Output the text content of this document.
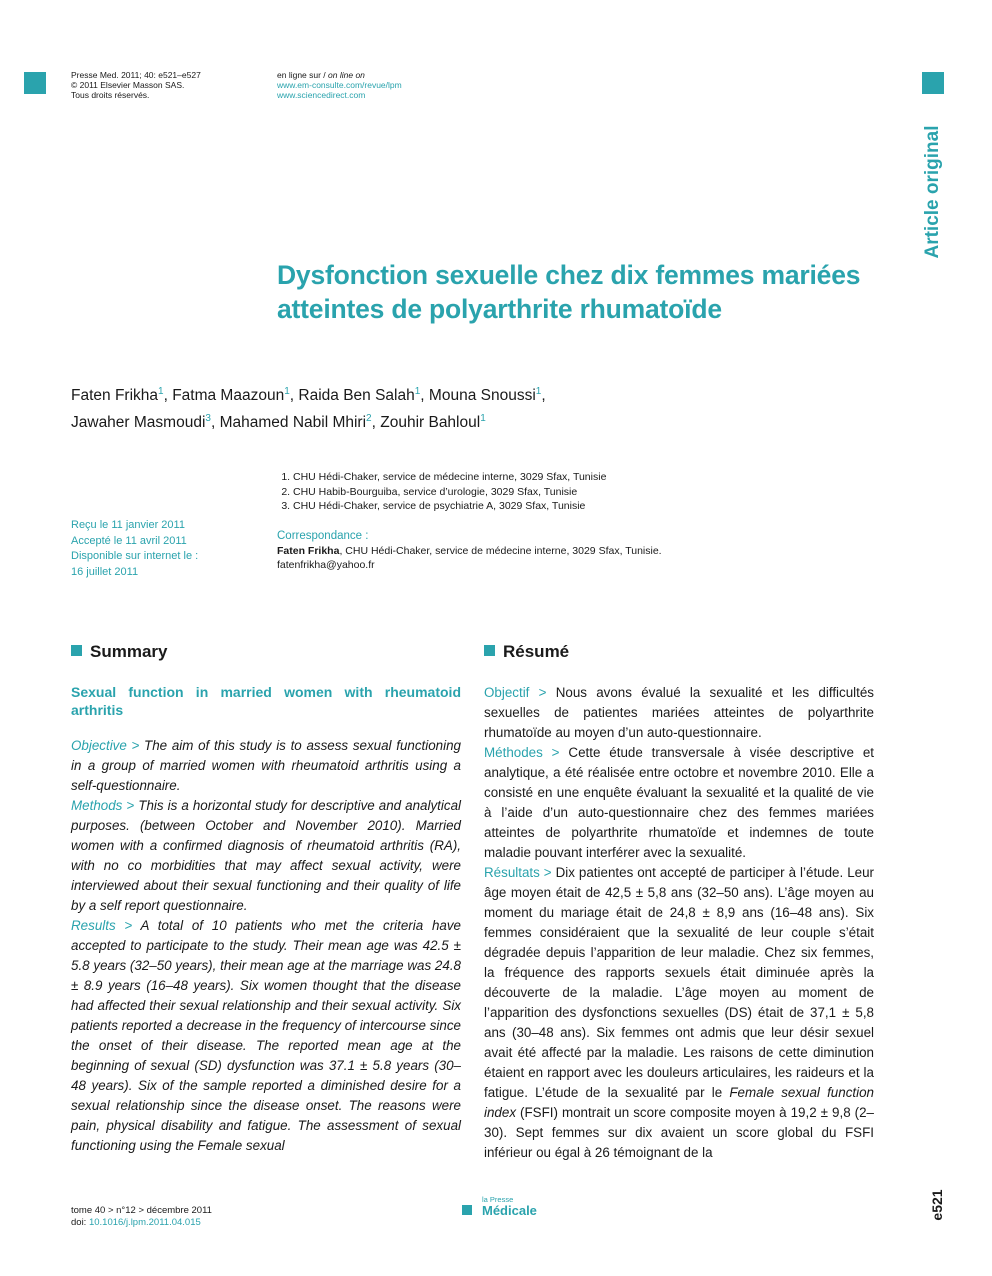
Presse Med. 2011; 40: e521–e527
© 2011 Elsevier Masson SAS.
Tous droits réservés.
en ligne sur / on line on
www.em-consulte.com/revue/lpm
www.sciencedirect.com
Article original
Dysfonction sexuelle chez dix femmes mariées atteintes de polyarthrite rhumatoïde
Faten Frikha$^1$, Fatma Maazoun$^1$, Raida Ben Salah$^1$, Mouna Snoussi$^1$,
Jawaher Masmoudi$^3$, Mahamed Nabil Mhiri$^2$, Zouhir Bahloul$^1$
1. CHU Hédi-Chaker, service de médecine interne, 3029 Sfax, Tunisie
2. CHU Habib-Bourguiba, service d’urologie, 3029 Sfax, Tunisie
3. CHU Hédi-Chaker, service de psychiatrie A, 3029 Sfax, Tunisie
Reçu le 11 janvier 2011
Accepté le 11 avril 2011
Disponible sur internet le :
16 juillet 2011
Correspondance :
Faten Frikha, CHU Hédi-Chaker, service de médecine interne, 3029 Sfax, Tunisie.
fatenfrikha@yahoo.fr
Summary
Sexual function in married women with rheumatoid arthritis

Objective > The aim of this study is to assess sexual functioning in a group of married women with rheumatoid arthritis using a self-questionnaire.

Methods > This is a horizontal study for descriptive and analytical purposes. (between October and November 2010). Married women with a confirmed diagnosis of rheumatoid arthritis (RA), with no co morbidities that may affect sexual activity, were interviewed about their sexual functioning and their quality of life by a self report questionnaire.

Results > A total of 10 patients who met the criteria have accepted to participate to the study. Their mean age was 42.5 ± 5.8 years (32–50 years), their mean age at the marriage was 24.8 ± 8.9 years (16–48 years). Six women thought that the disease had affected their sexual relationship and their sexual activity. Six patients reported a decrease in the frequency of intercourse since the onset of their disease. The reported mean age at the beginning of sexual (SD) dysfunction was 37.1 ± 5.8 years (30–48 years). Six of the sample reported a diminished desire for a sexual relationship since the disease onset. The reasons were pain, physical disability and fatigue. The assessment of sexual functioning using the Female sexual

Résumé

Objectif > Nous avons évalué la sexualité et les difficultés sexuelles de patientes mariées atteintes de polyarthrite rhumatoïde au moyen d’un auto-questionnaire.

Méthodes > Cette étude transversale à visée descriptive et analytique, a été réalisée entre octobre et novembre 2010. Elle a consisté en une enquête évaluant la sexualité et la qualité de vie à l’aide d’un auto-questionnaire chez des femmes mariées atteintes de polyarthrite rhumatoïde et indemnes de toute maladie pouvant interférer avec la sexualité.

Résultats > Dix patientes ont accepté de participer à l’étude. Leur âge moyen était de 42,5 ± 5,8 ans (32–50 ans). L’âge moyen au moment du mariage était de 24,8 ± 8,9 ans (16–48 ans). Six femmes considéraient que la sexualité de leur couple s’était dégradée depuis l’apparition de leur maladie. Chez six femmes, la fréquence des rapports sexuels était diminuée après la découverte de la maladie. L’âge moyen au moment de l’apparition des dysfonctions sexuelles (DS) était de 37,1 ± 5,8 ans (30–48 ans). Six femmes ont admis que leur désir sexuel avait été affecté par la maladie. Les raisons de cette diminution étaient en rapport avec les douleurs articulaires, les raideurs et la fatigue. L’étude de la sexualité par le Female sexual function index (FSFI) montrait un score composite moyen à 19,2 ± 9,8 (2–30). Sept femmes sur dix avaient un score global du FSFI inférieur ou égal à 26 témoignant de la

tome 40 > n°12 > décembre 2011
doi: 10.1016/j.lpm.2011.04.015
la Presse
Médicale	e521
